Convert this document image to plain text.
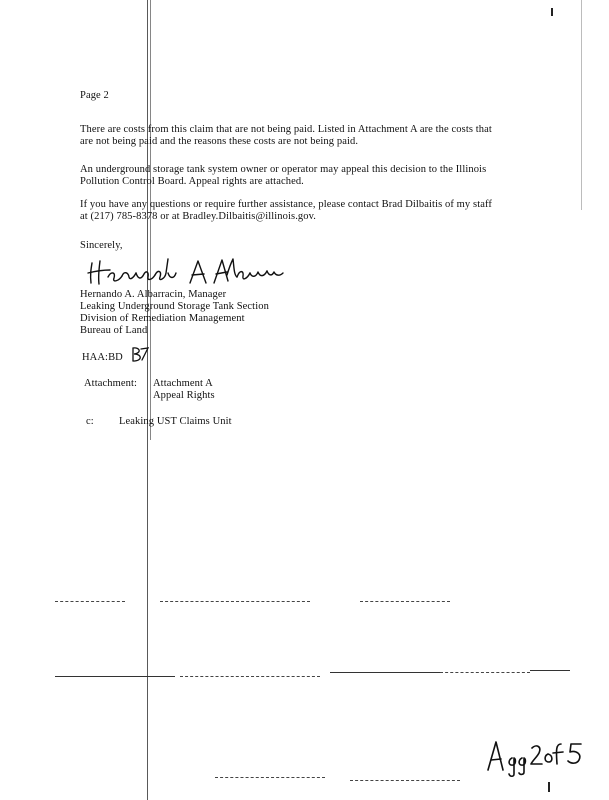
Page 2
There are costs from this claim that are not being paid. Listed in Attachment A are the costs that
are not being paid and the reasons these costs are not being paid.
An underground storage tank system owner or operator may appeal this decision to the Illinois
Pollution Control Board. Appeal rights are attached.
If you have any questions or require further assistance, please contact Brad Dilbaitis of my staff
at (217) 785-8378 or at Bradley.Dilbaitis@illinois.gov.
Sincerely,
Hernando A. Albarracin, Manager
Leaking Underground Storage Tank Section
Division of Remediation Management
Bureau of Land
HAA:BD
Attachment: Attachment A
Appeal Rights
c: Leaking UST Claims Unit
